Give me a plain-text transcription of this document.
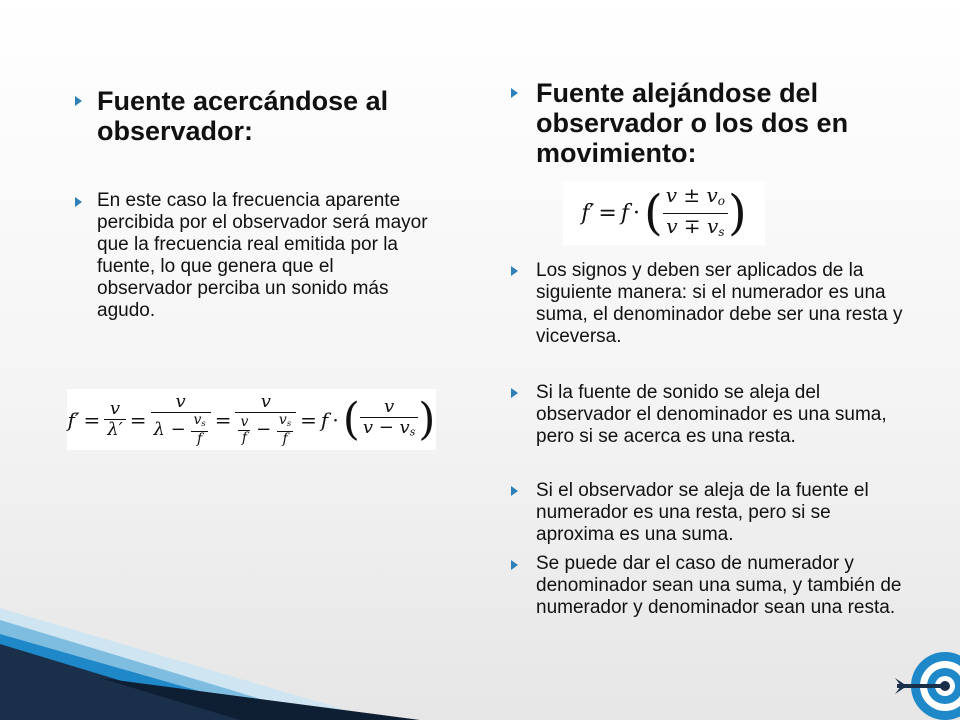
Fuente acercándose al observador:
En este caso la frecuencia aparente percibida por el observador será mayor que la frecuencia real emitida por la fuente, lo que genera que el observador perciba un sonido más agudo.
$f' = \frac{v}{\lambda'} = \frac{v}{\lambda - \frac{v_s}{f}} = \frac{v}{\frac{v}{f} - \frac{v_s}{f}} = f$ · ( $\frac{v}{v - v_s}$ )
Fuente alejándose del observador o los dos en movimiento:
f′ = f · ( $\frac{v \pm v_o}{v \mp v_s}$ )
Los signos y deben ser aplicados de la siguiente manera: si el numerador es una suma, el denominador debe ser una resta y viceversa.
Si la fuente de sonido se aleja del observador el denominador es una suma, pero si se acerca es una resta.
Si el observador se aleja de la fuente el numerador es una resta, pero si se aproxima es una suma.
Se puede dar el caso de numerador y denominador sean una suma, y también de numerador y denominador sean una resta.
